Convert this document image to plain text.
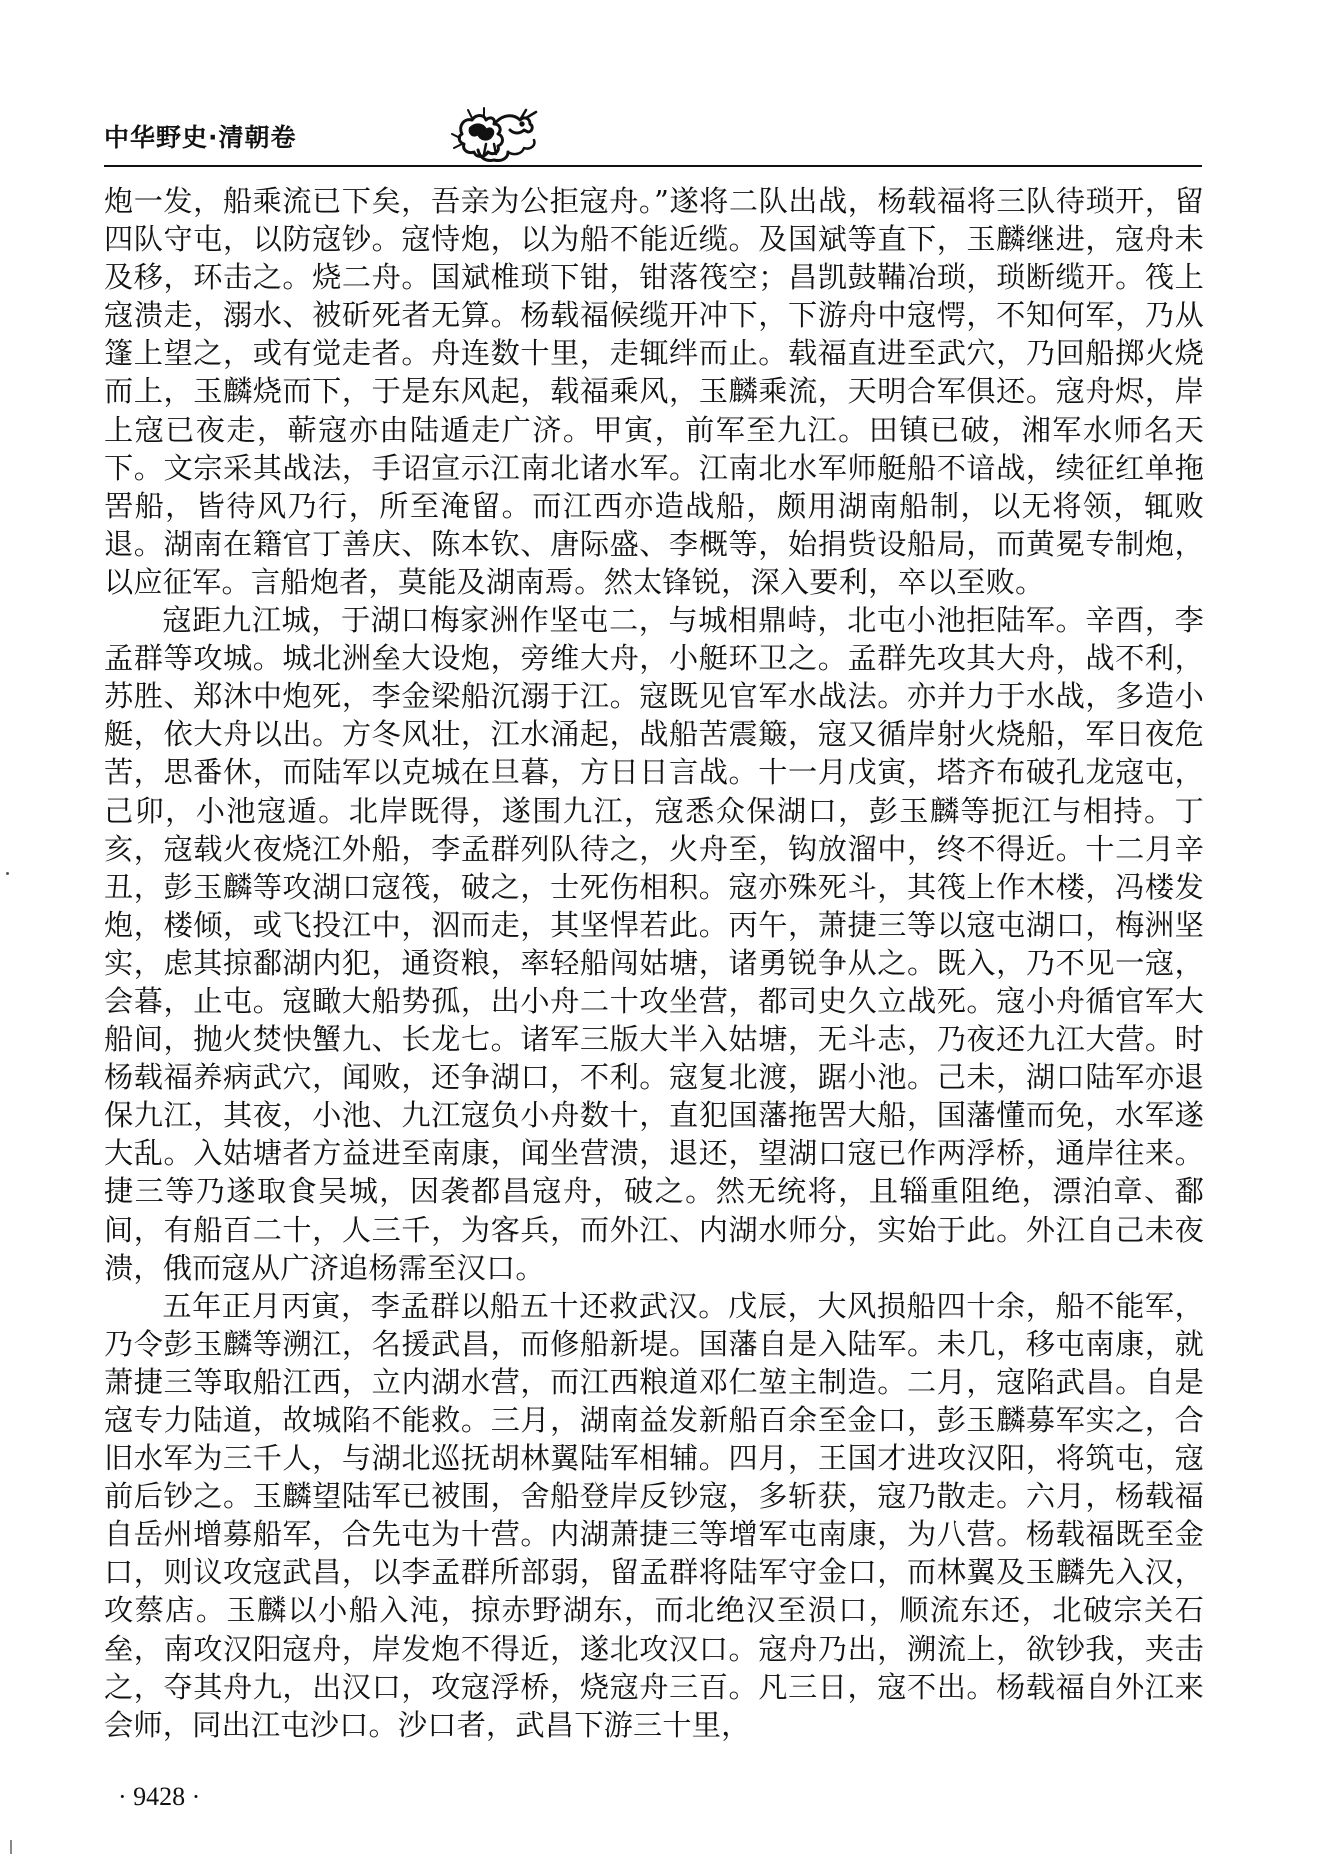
中华野史·清朝卷

炮一发，船乘流已下矣，吾亲为公拒寇舟。”遂将二队出战，杨载福将三队待琐开，留四队守屯，以防寇钞。寇恃炮，以为船不能近缆。及国斌等直下，玉麟继进，寇舟未及移，环击之。烧二舟。国斌椎琐下钳，钳落筏空；昌凯鼓鞴冶琐，琐断缆开。筏上寇溃走，溺水、被斫死者无算。杨载福候缆开冲下，下游舟中寇愕，不知何军，乃从篷上望之，或有觉走者。舟连数十里，走辄绊而止。载福直进至武穴，乃回船掷火烧而上，玉麟烧而下，于是东风起，载福乘风，玉麟乘流，天明合军俱还。寇舟烬，岸上寇已夜走，蕲寇亦由陆遁走广济。甲寅，前军至九江。田镇已破，湘军水师名天下。文宗采其战法，手诏宣示江南北诸水军。江南北水军师艇船不谙战，续征红单拖罟船，皆待风乃行，所至淹留。而江西亦造战船，颇用湖南船制，以无将领，辄败退。湖南在籍官丁善庆、陈本钦、唐际盛、李概等，始捐赀设船局，而黄冕专制炮，以应征军。言船炮者，莫能及湖南焉。然太锋锐，深入要利，卒以至败。

寇距九江城，于湖口梅家洲作坚屯二，与城相鼎峙，北屯小池拒陆军。辛酉，李孟群等攻城。城北洲垒大设炮，旁维大舟，小艇环卫之。孟群先攻其大舟，战不利，苏胜、郑沐中炮死，李金梁船沉溺于江。寇既见官军水战法。亦并力于水战，多造小艇，依大舟以出。方冬风壮，江水涌起，战船苦震簸，寇又循岸射火烧船，军日夜危苦，思番休，而陆军以克城在旦暮，方日日言战。十一月戊寅，塔齐布破孔龙寇屯，己卯，小池寇遁。北岸既得，遂围九江，寇悉众保湖口，彭玉麟等扼江与相持。丁亥，寇载火夜烧江外船，李孟群列队待之，火舟至，钩放溜中，终不得近。十二月辛丑，彭玉麟等攻湖口寇筏，破之，士死伤相积。寇亦殊死斗，其筏上作木楼，冯楼发炮，楼倾，或飞投江中，泅而走，其坚悍若此。丙午，萧捷三等以寇屯湖口，梅洲坚实，虑其掠鄱湖内犯，通资粮，率轻船闯姑塘，诸勇锐争从之。既入，乃不见一寇，会暮，止屯。寇瞰大船势孤，出小舟二十攻坐营，都司史久立战死。寇小舟循官军大船间，抛火焚快蟹九、长龙七。诸军三版大半入姑塘，无斗志，乃夜还九江大营。时杨载福养病武穴，闻败，还争湖口，不利。寇复北渡，踞小池。己未，湖口陆军亦退保九江，其夜，小池、九江寇负小舟数十，直犯国藩拖罟大船，国藩懂而免，水军遂大乱。入姑塘者方益进至南康，闻坐营溃，退还，望湖口寇已作两浮桥，通岸往来。捷三等乃遂取食吴城，因袭都昌寇舟，破之。然无统将，且辎重阻绝，漂泊章、鄱间，有船百二十，人三千，为客兵，而外江、内湖水师分，实始于此。外江自己未夜溃，俄而寇从广济追杨霈至汉口。

五年正月丙寅，李孟群以船五十还救武汉。戊辰，大风损船四十余，船不能军，乃令彭玉麟等溯江，名援武昌，而修船新堤。国藩自是入陆军。未几，移屯南康，就萧捷三等取船江西，立内湖水营，而江西粮道邓仁堃主制造。二月，寇陷武昌。自是寇专力陆道，故城陷不能救。三月，湖南益发新船百余至金口，彭玉麟募军实之，合旧水军为三千人，与湖北巡抚胡林翼陆军相辅。四月，王国才进攻汉阳，将筑屯，寇前后钞之。玉麟望陆军已被围，舍船登岸反钞寇，多斩获，寇乃散走。六月，杨载福自岳州增募船军，合先屯为十营。内湖萧捷三等增军屯南康，为八营。杨载福既至金口，则议攻寇武昌，以李孟群所部弱，留孟群将陆军守金口，而林翼及玉麟先入汉，攻蔡店。玉麟以小船入沌，掠赤野湖东，而北绝汉至涢口，顺流东还，北破宗关石垒，南攻汉阳寇舟，岸发炮不得近，遂北攻汉口。寇舟乃出，溯流上，欲钞我，夹击之，夺其舟九，出汉口，攻寇浮桥，烧寇舟三百。凡三日，寇不出。杨载福自外江来会师，同出江屯沙口。沙口者，武昌下游三十里，

· 9428 ·
